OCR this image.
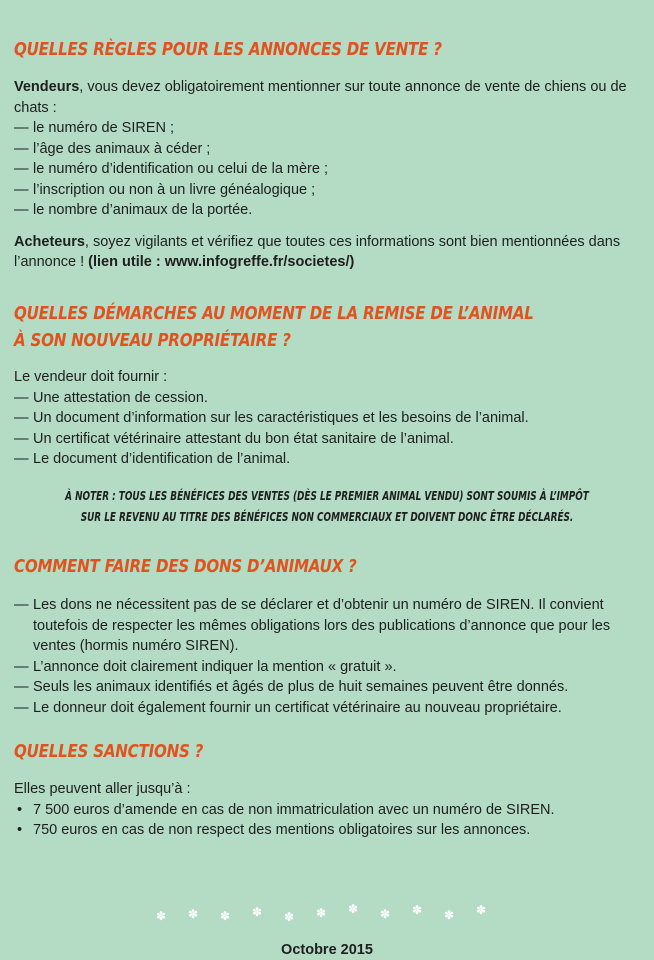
QUELLES RÈGLES POUR LES ANNONCES DE VENTE ?

Vendeurs, vous devez obligatoirement mentionner sur toute annonce de vente de chiens ou de chats :

— le numéro de SIREN ;
— l’âge des animaux à céder ;
— le numéro d’identification ou celui de la mère ;
— l’inscription ou non à un livre généalogique ;
— le nombre d’animaux de la portée.

Acheteurs, soyez vigilants et vérifiez que toutes ces informations sont bien mentionnées dans l’annonce ! (lien utile : www.infogreffe.fr/societes/)

QUELLES DÉMARCHES AU MOMENT DE LA REMISE DE L’ANIMAL
À SON NOUVEAU PROPRIÉTAIRE ?

Le vendeur doit fournir :

— Une attestation de cession.
— Un document d’information sur les caractéristiques et les besoins de l’animal.
— Un certificat vétérinaire attestant du bon état sanitaire de l’animal.
— Le document d’identification de l’animal.
À NOTER : TOUS LES BÉNÉFICES DES VENTES (DÈS LE PREMIER ANIMAL VENDU) SONT SOUMIS À L’IMPÔT
SUR LE REVENU AU TITRE DES BÉNÉFICES NON COMMERCIAUX ET DOIVENT DONC ÊTRE DÉCLARÉS.
COMMENT FAIRE DES DONS D’ANIMAUX ?
— Les dons ne nécessitent pas de se déclarer et d’obtenir un numéro de SIREN. Il convient toutefois de respecter les mêmes obligations lors des publications d’annonce que pour les ventes (hormis numéro SIREN).
— L’annonce doit clairement indiquer la mention « gratuit ».
— Seuls les animaux identifiés et âgés de plus de huit semaines peuvent être donnés.
— Le donneur doit également fournir un certificat vétérinaire au nouveau propriétaire.
QUELLES SANCTIONS ?

Elles peuvent aller jusqu’à :

• 7 500 euros d’amende en cas de non immatriculation avec un numéro de SIREN.
• 750 euros en cas de non respect des mentions obligatoires sur les annonces.
✽ ✽ ✽ ✽ ✽ ✽ ✽ ✽ ✽ ✽ ✽
Octobre 2015
